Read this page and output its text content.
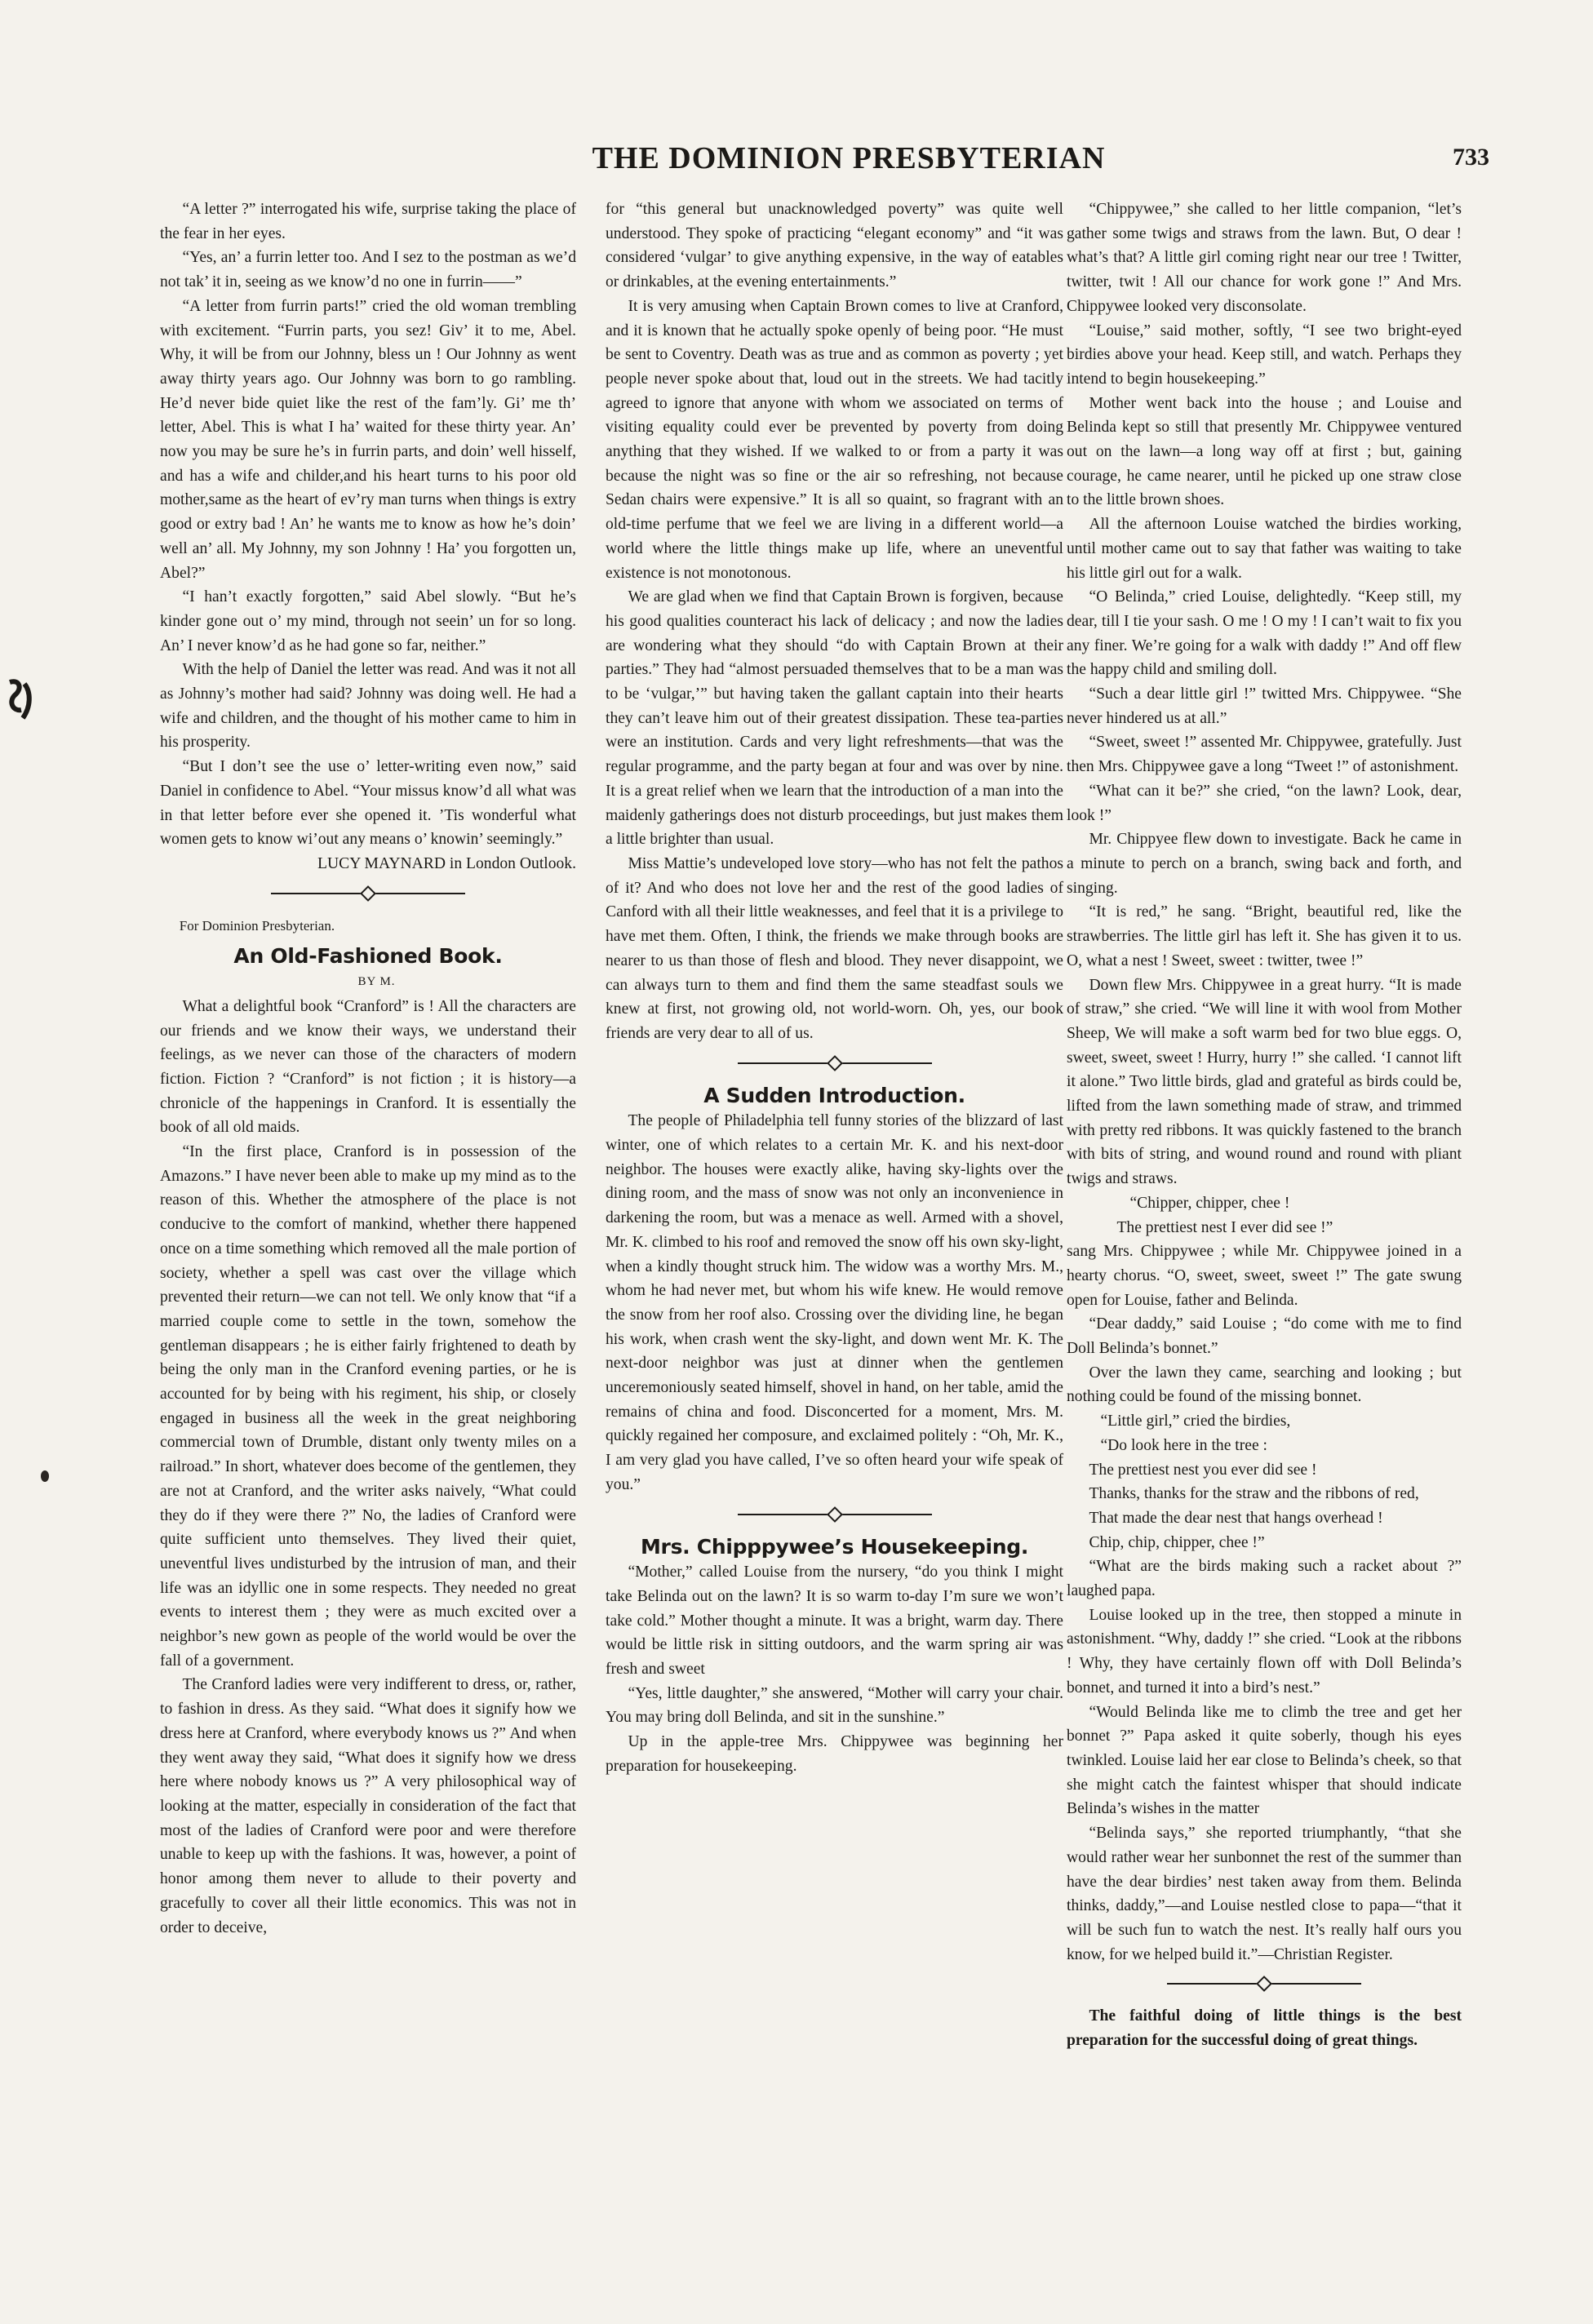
THE DOMINION PRESBYTERIAN	733

“A letter ?” interrogated his wife, surprise taking the place of the fear in her eyes.

“Yes, an’ a furrin letter too. And I sez to the postman as we’d not tak’ it in, seeing as we know’d no one in furrin——”

“A letter from furrin parts!” cried the old woman trembling with excitement. “Furrin parts, you sez! Giv’ it to me, Abel. Why, it will be from our Johnny, bless un ! Our Johnny as went away thirty years ago. Our Johnny was born to go rambling. He’d never bide quiet like the rest of the fam’ly. Gi’ me th’ letter, Abel. This is what I ha’ waited for these thirty year. An’ now you may be sure he’s in furrin parts, and doin’ well hisself, and has a wife and childer,and his heart turns to his poor old mother,same as the heart of ev’ry man turns when things is extry good or extry bad ! An’ he wants me to know as how he’s doin’ well an’ all. My Johnny, my son Johnny ! Ha’ you forgotten un, Abel?”

“I han’t exactly forgotten,” said Abel slowly. “But he’s kinder gone out o’ my mind, through not seein’ un for so long. An’ I never know’d as he had gone so far, neither.”

With the help of Daniel the letter was read. And was it not all as Johnny’s mother had said? Johnny was doing well. He had a wife and children, and the thought of his mother came to him in his prosperity.

“But I don’t see the use o’ letter-writing even now,” said Daniel in confidence to Abel. “Your missus know’d all what was in that letter before ever she opened it. ’Tis wonderful what women gets to know wi’out any means o’ knowin’ seemingly.”

LUCY MAYNARD in London Outlook.

For Dominion Presbyterian.

An Old-Fashioned Book.

BY M.

What a delightful book “Cranford” is ! All the characters are our friends and we know their ways, we understand their feelings, as we never can those of the characters of modern fiction. Fiction ? “Cranford” is not fiction ; it is history—a chronicle of the happenings in Cranford. It is essentially the book of all old maids.

“In the first place, Cranford is in possession of the Amazons.” I have never been able to make up my mind as to the reason of this. Whether the atmosphere of the place is not conducive to the comfort of mankind, whether there happened once on a time something which removed all the male portion of society, whether a spell was cast over the village which prevented their return—we can not tell. We only know that “if a married couple come to settle in the town, somehow the gentleman disappears ; he is either fairly frightened to death by being the only man in the Cranford evening parties, or he is accounted for by being with his regiment, his ship, or closely engaged in business all the week in the great neighboring commercial town of Drumble, distant only twenty miles on a railroad.” In short, whatever does become of the gentlemen, they are not at Cranford, and the writer asks naively, “What could they do if they were there ?” No, the ladies of Cranford were quite sufficient unto themselves. They lived their quiet, uneventful lives undisturbed by the intrusion of man, and their life was an idyllic one in some respects. They needed no great events to interest them ; they were as much excited over a neighbor’s new gown as people of the world would be over the fall of a government.

The Cranford ladies were very indifferent to dress, or, rather, to fashion in dress. As they said. “What does it signify how we dress here at Cranford, where everybody knows us ?” And when they went away they said, “What does it signify how we dress here where nobody knows us ?” A very philosophical way of looking at the matter, especially in consideration of the fact that most of the ladies of Cranford were poor and were therefore unable to keep up with the fashions. It was, however, a point of honor among them never to allude to their poverty and gracefully to cover all their little economics. This was not in order to deceive,

for “this general but unacknowledged poverty” was quite well understood. They spoke of practicing “elegant economy” and “it was considered ‘vulgar’ to give anything expensive, in the way of eatables or drinkables, at the evening entertainments.”

It is very amusing when Captain Brown comes to live at Cranford, and it is known that he actually spoke openly of being poor. “He must be sent to Coventry. Death was as true and as common as poverty ; yet people never spoke about that, loud out in the streets. We had tacitly agreed to ignore that anyone with whom we associated on terms of visiting equality could ever be prevented by poverty from doing anything that they wished. If we walked to or from a party it was because the night was so fine or the air so refreshing, not because Sedan chairs were expensive.” It is all so quaint, so fragrant with an old-time perfume that we feel we are living in a different world—a world where the little things make up life, where an uneventful existence is not monotonous.

We are glad when we find that Captain Brown is forgiven, because his good qualities counteract his lack of delicacy ; and now the ladies are wondering what they should “do with Captain Brown at their parties.” They had “almost persuaded themselves that to be a man was to be ‘vulgar,’” but having taken the gallant captain into their hearts they can’t leave him out of their greatest dissipation. These tea-parties were an institution. Cards and very light refreshments—that was the regular programme, and the party began at four and was over by nine. It is a great relief when we learn that the introduction of a man into the maidenly gatherings does not disturb proceedings, but just makes them a little brighter than usual.

Miss Mattie’s undeveloped love story—who has not felt the pathos of it? And who does not love her and the rest of the good ladies of Canford with all their little weaknesses, and feel that it is a privilege to have met them. Often, I think, the friends we make through books are nearer to us than those of flesh and blood. They never disappoint, we can always turn to them and find them the same steadfast souls we knew at first, not growing old, not world-worn. Oh, yes, our book friends are very dear to all of us.

A Sudden Introduction.

The people of Philadelphia tell funny stories of the blizzard of last winter, one of which relates to a certain Mr. K. and his next-door neighbor. The houses were exactly alike, having sky-lights over the dining room, and the mass of snow was not only an inconvenience in darkening the room, but was a menace as well. Armed with a shovel, Mr. K. climbed to his roof and removed the snow off his own sky-light, when a kindly thought struck him. The widow was a worthy Mrs. M., whom he had never met, but whom his wife knew. He would remove the snow from her roof also. Crossing over the dividing line, he began his work, when crash went the sky-light, and down went Mr. K. The next-door neighbor was just at dinner when the gentlemen unceremoniously seated himself, shovel in hand, on her table, amid the remains of china and food. Disconcerted for a moment, Mrs. M. quickly regained her composure, and exclaimed politely : “Oh, Mr. K., I am very glad you have called, I’ve so often heard your wife speak of you.”

Mrs. Chipppywee’s Housekeeping.

“Mother,” called Louise from the nursery, “do you think I might take Belinda out on the lawn? It is so warm to-day I’m sure we won’t take cold.” Mother thought a minute. It was a bright, warm day. There would be little risk in sitting outdoors, and the warm spring air was fresh and sweet

“Yes, little daughter,” she answered, “Mother will carry your chair. You may bring doll Belinda, and sit in the sunshine.”

Up in the apple-tree Mrs. Chippywee was beginning her preparation for housekeeping.

“Chippywee,” she called to her little companion, “let’s gather some twigs and straws from the lawn. But, O dear ! what’s that? A little girl coming right near our tree ! Twitter, twitter, twit ! All our chance for work gone !” And Mrs. Chippywee looked very disconsolate.

“Louise,” said mother, softly, “I see two bright-eyed birdies above your head. Keep still, and watch. Perhaps they intend to begin housekeeping.”

Mother went back into the house ; and Louise and Belinda kept so still that presently Mr. Chippywee ventured out on the lawn—a long way off at first ; but, gaining courage, he came nearer, until he picked up one straw close to the little brown shoes.

All the afternoon Louise watched the birdies working, until mother came out to say that father was waiting to take his little girl out for a walk.

“O Belinda,” cried Louise, delightedly. “Keep still, my dear, till I tie your sash. O me ! O my ! I can’t wait to fix you any finer. We’re going for a walk with daddy !” And off flew the happy child and smiling doll.

“Such a dear little girl !” twitted Mrs. Chippywee. “She never hindered us at all.”

“Sweet, sweet !” assented Mr. Chippywee, gratefully. Just then Mrs. Chippywee gave a long “Tweet !” of astonishment.

“What can it be?” she cried, “on the lawn? Look, dear, look !”

Mr. Chippyee flew down to investigate. Back he came in a minute to perch on a branch, swing back and forth, and singing.

“It is red,” he sang. “Bright, beautiful red, like the strawberries. The little girl has left it. She has given it to us. O, what a nest ! Sweet, sweet : twitter, twee !”

Down flew Mrs. Chippywee in a great hurry. “It is made of straw,” she cried. “We will line it with wool from Mother Sheep, We will make a soft warm bed for two blue eggs. O, sweet, sweet, sweet ! Hurry, hurry !” she called. ‘I cannot lift it alone.” Two little birds, glad and grateful as birds could be, lifted from the lawn something made of straw, and trimmed with pretty red ribbons. It was quickly fastened to the branch with bits of string, and wound round and round with pliant twigs and straws.

“Chipper, chipper, chee !

The prettiest nest I ever did see !”

sang Mrs. Chippywee ; while Mr. Chippywee joined in a hearty chorus. “O, sweet, sweet, sweet !” The gate swung open for Louise, father and Belinda.

“Dear daddy,” said Louise ; “do come with me to find Doll Belinda’s bonnet.”

Over the lawn they came, searching and looking ; but nothing could be found of the missing bonnet.

“Little girl,” cried the birdies,

“Do look here in the tree :

The prettiest nest you ever did see !

Thanks, thanks for the straw and the ribbons of red,

That made the dear nest that hangs overhead !

Chip, chip, chipper, chee !”

“What are the birds making such a racket about ?” laughed papa.

Louise looked up in the tree, then stopped a minute in astonishment. “Why, daddy !” she cried. “Look at the ribbons ! Why, they have certainly flown off with Doll Belinda’s bonnet, and turned it into a bird’s nest.”

“Would Belinda like me to climb the tree and get her bonnet ?” Papa asked it quite soberly, though his eyes twinkled. Louise laid her ear close to Belinda’s cheek, so that she might catch the faintest whisper that should indicate Belinda’s wishes in the matter

“Belinda says,” she reported triumphantly, “that she would rather wear her sunbonnet the rest of the summer than have the dear birdies’ nest taken away from them. Belinda thinks, daddy,”—and Louise nestled close to papa—“that it will be such fun to watch the nest. It’s really half ours you know, for we helped build it.”—Christian Register.

The faithful doing of little things is the best preparation for the successful doing of great things.
